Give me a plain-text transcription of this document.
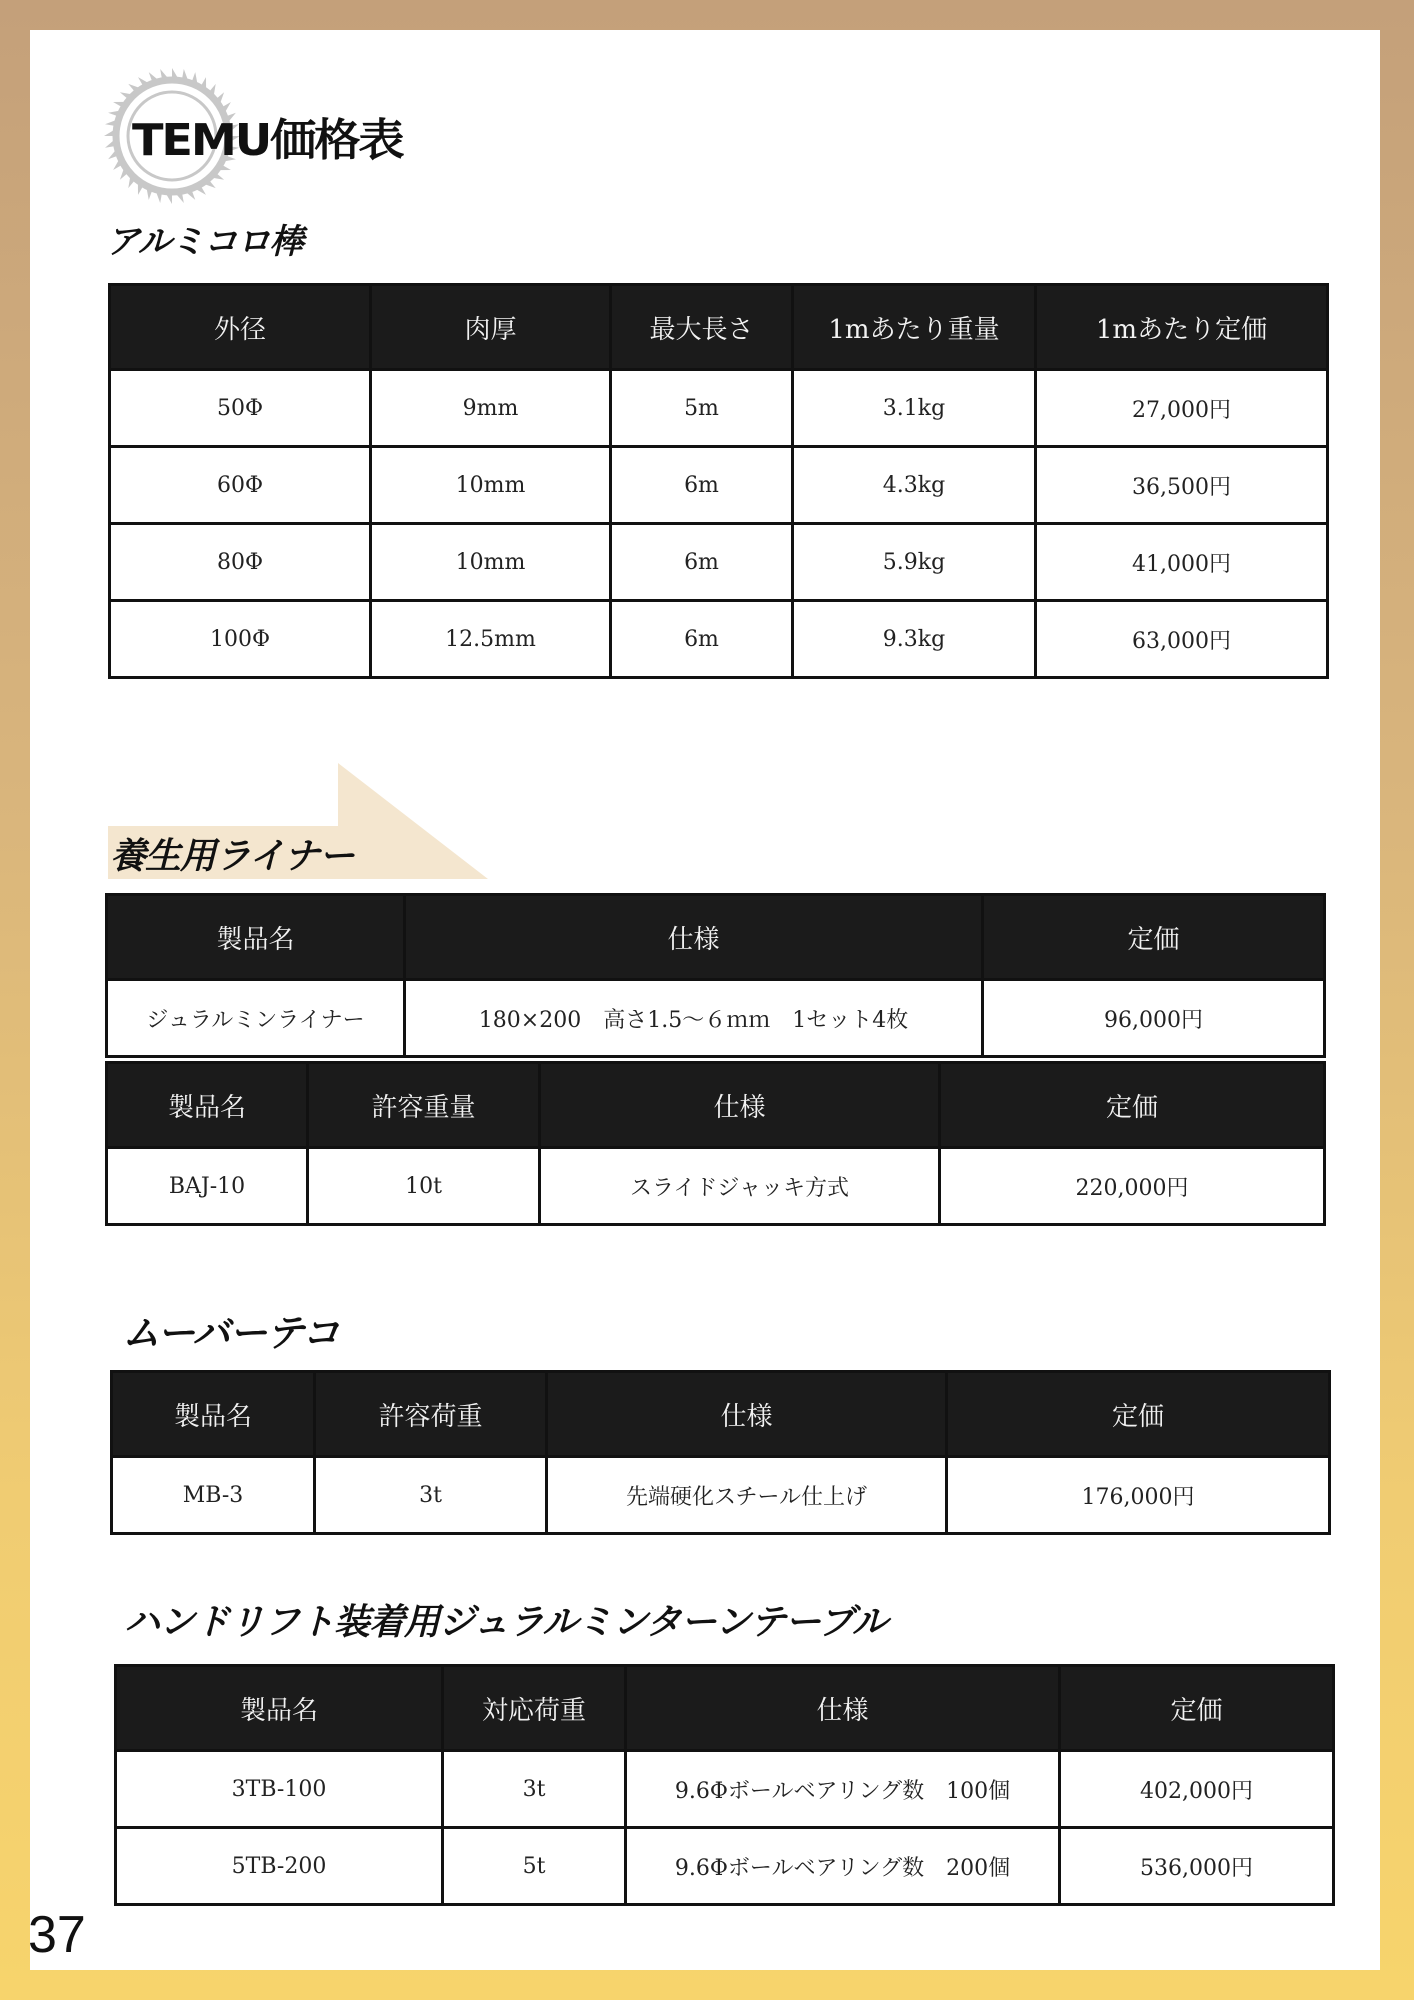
TEMU価格表
アルミコロ棒
外径	肉厚	最大長さ	1mあたり重量	1mあたり定価
50Φ	9mm	5m	3.1kg	27,000円
60Φ	10mm	6m	4.3kg	36,500円
80Φ	10mm	6m	5.9kg	41,000円
100Φ	12.5mm	6m	9.3kg	63,000円
養生用ライナー
製品名	仕様	定価
ジュラルミンライナー	180×200　高さ1.5～６ｍｍ　1セット4枚	96,000円
製品名	許容重量	仕様	定価
BAJ-10	10t	スライドジャッキ方式	220,000円
ムーバーテコ
製品名	許容荷重	仕様	定価
MB-3	3t	先端硬化スチール仕上げ	176,000円
ハンドリフト装着用ジュラルミンターンテーブル
製品名	対応荷重	仕様	定価
3TB-100	3t	9.6Φボールベアリング数　100個	402,000円
5TB-200	5t	9.6Φボールベアリング数　200個	536,000円
37
